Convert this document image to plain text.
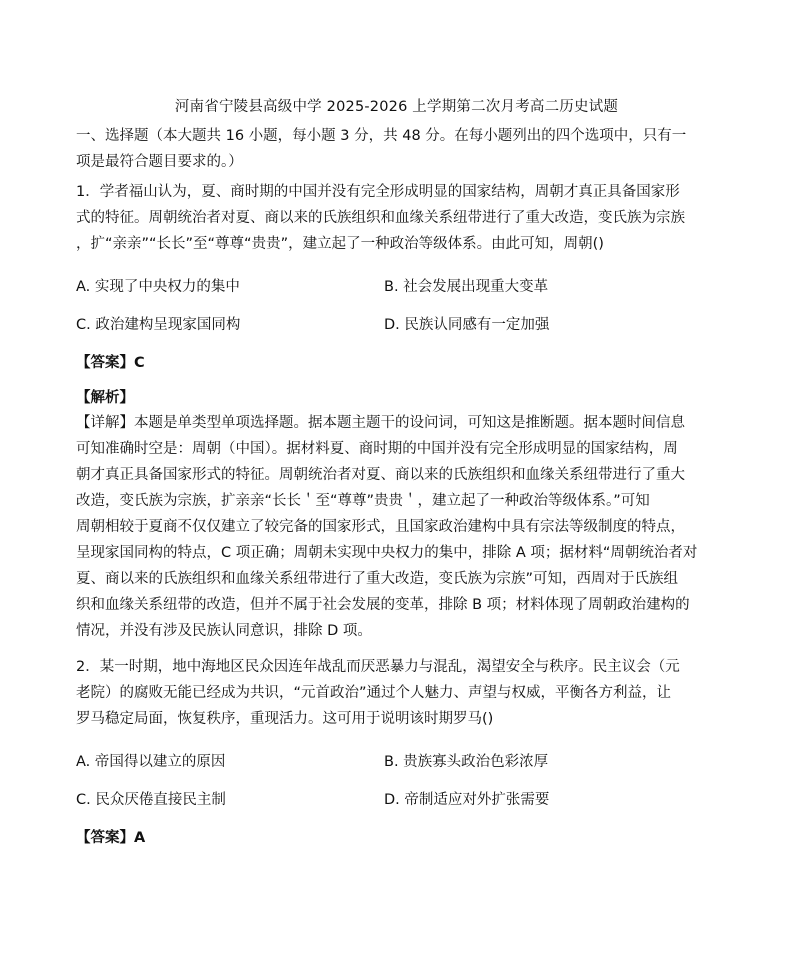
河南省宁陵县高级中学 2025-2026 上学期第二次月考高二历史试题
一、选择题（本大题共 16 小题，每小题 3 分，共 48 分。在每小题列出的四个选项中，只有一
项是最符合题目要求的。）
1．学者福山认为，夏、商时期的中国并没有完全形成明显的国家结构，周朝才真正具备国家形
式的特征。周朝统治者对夏、商以来的氏族组织和血缘关系纽带进行了重大改造，变氏族为宗族
，扩“亲亲”“长长”至“尊尊“贵贵”，建立起了一种政治等级体系。由此可知，周朝()
A. 实现了中央权力的集中	B. 社会发展出现重大变革
C. 政治建构呈现家国同构	D. 民族认同感有一定加强
【答案】C
【解析】
【详解】本题是单类型单项选择题。据本题主题干的设问词，可知这是推断题。据本题时间信息
可知准确时空是：周朝（中国）。据材料夏、商时期的中国并没有完全形成明显的国家结构，周
朝才真正具备国家形式的特征。周朝统治者对夏、商以来的氏族组织和血缘关系纽带进行了重大
改造，变氏族为宗族，扩亲亲“长长＇至“尊尊”贵贵＇，建立起了一种政治等级体系。”可知
周朝相较于夏商不仅仅建立了较完备的国家形式，且国家政治建构中具有宗法等级制度的特点，
呈现家国同构的特点，C 项正确；周朝未实现中央权力的集中，排除 A 项；据材料“周朝统治者对
夏、商以来的氏族组织和血缘关系纽带进行了重大改造，变氏族为宗族”可知，西周对于氏族组
织和血缘关系纽带的改造，但并不属于社会发展的变革，排除 B 项；材料体现了周朝政治建构的
情况，并没有涉及民族认同意识，排除 D 项。
2．某一时期，地中海地区民众因连年战乱而厌恶暴力与混乱，渴望安全与秩序。民主议会（元
老院）的腐败无能已经成为共识，“元首政治”通过个人魅力、声望与权威，平衡各方利益，让
罗马稳定局面，恢复秩序，重现活力。这可用于说明该时期罗马()
A. 帝国得以建立的原因	B. 贵族寡头政治色彩浓厚
C. 民众厌倦直接民主制	D. 帝制适应对外扩张需要
【答案】A
